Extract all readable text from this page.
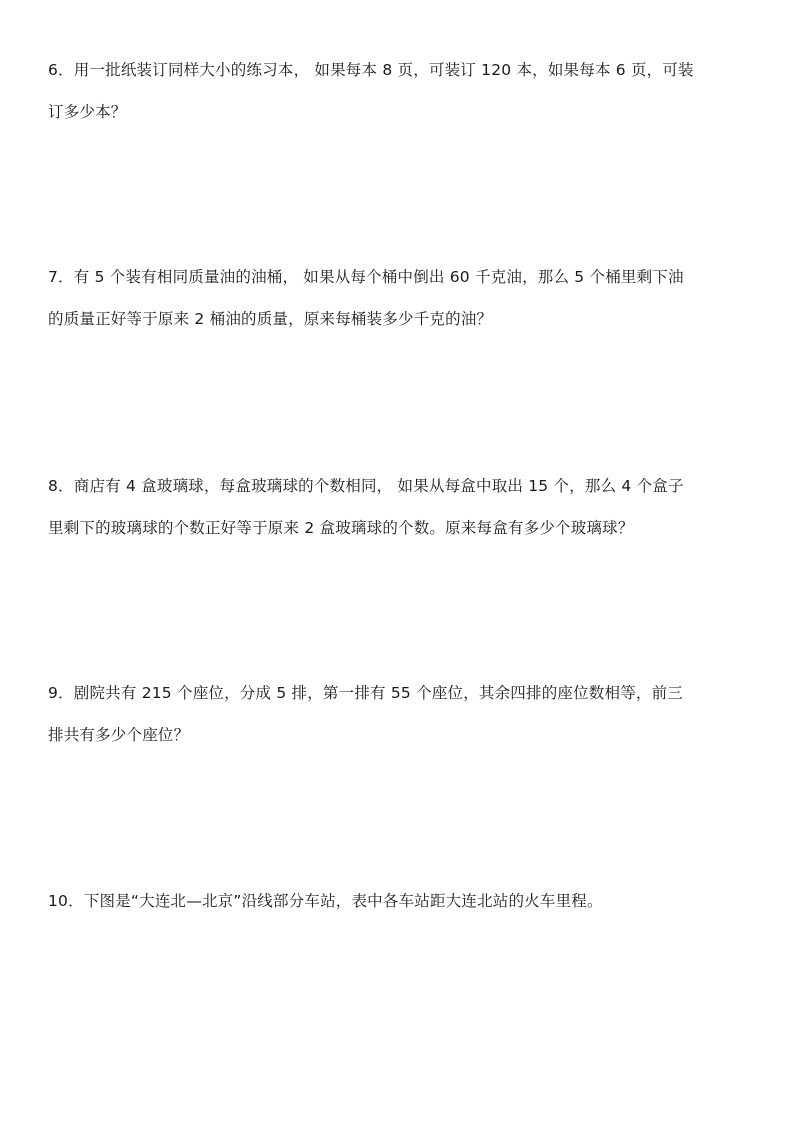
6．用一批纸装订同样大小的练习本， 如果每本 8 页，可装订 120 本，如果每本 6 页，可装
订多少本？
7．有 5 个装有相同质量油的油桶， 如果从每个桶中倒出 60 千克油，那么 5 个桶里剩下油
的质量正好等于原来 2 桶油的质量，原来每桶装多少千克的油？
8．商店有 4 盒玻璃球，每盒玻璃球的个数相同， 如果从每盒中取出 15 个，那么 4 个盒子
里剩下的玻璃球的个数正好等于原来 2 盒玻璃球的个数。原来每盒有多少个玻璃球？
9．剧院共有 215 个座位，分成 5 排，第一排有 55 个座位，其余四排的座位数相等，前三
排共有多少个座位？
10．下图是“大连北—北京”沿线部分车站，表中各车站距大连北站的火车里程。
